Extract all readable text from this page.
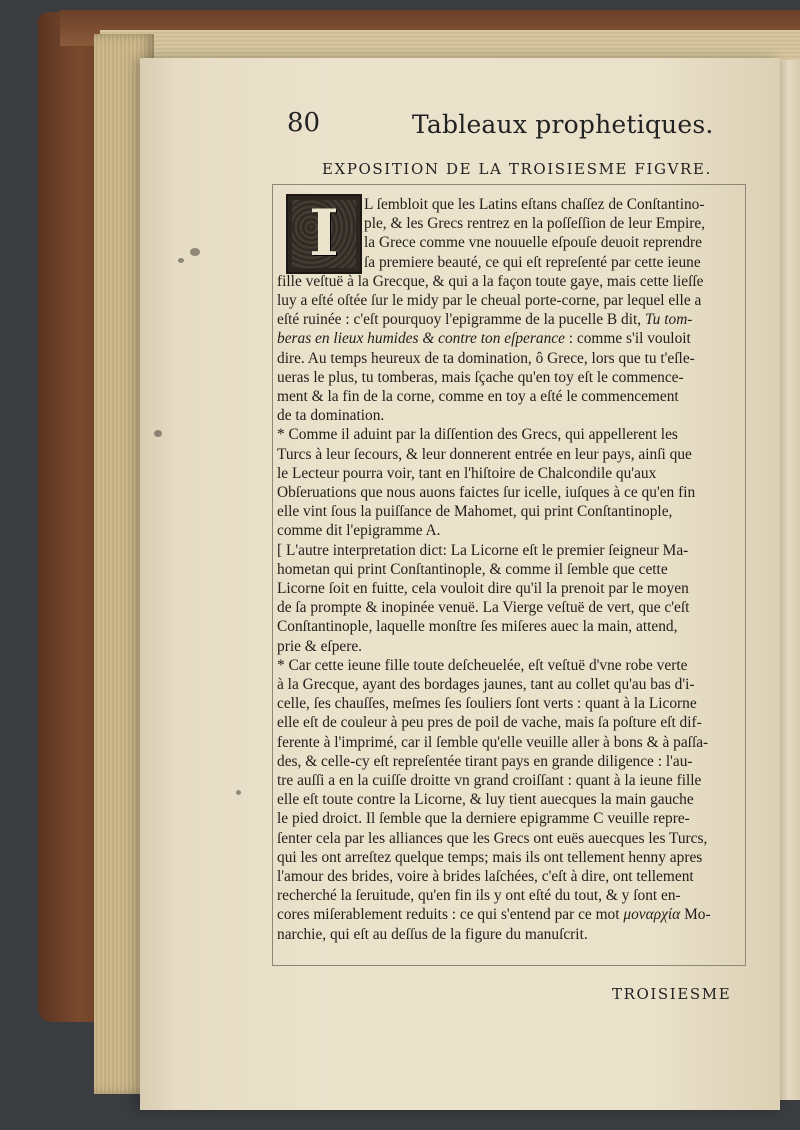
80	Tableaux prophetiques.
EXPOSITION DE LA TROISIESME FIGVRE.
I L ſembloit que les Latins eſtans chaſſez de Conſtantino-
ple, & les Grecs rentrez en la poſſeſſion de leur Empire,
la Grece comme vne nouuelle eſpouſe deuoit reprendre
ſa premiere beauté, ce qui eſt repreſenté par cette ieune
fille veſtuë à la Grecque, & qui a la façon toute gaye, mais cette lieſſe
luy a eſté oſtée ſur le midy par le cheual porte-corne, par lequel elle a
eſté ruinée : c'eſt pourquoy l'epigramme de la pucelle B dit, Tu tom-
beras en lieux humides & contre ton eſperance : comme s'il vouloit
dire. Au temps heureux de ta domination, ô Grece, lors que tu t'eſle-
ueras le plus, tu tomberas, mais ſçache qu'en toy eſt le commence-
ment & la fin de la corne, comme en toy a eſté le commencement
de ta domination.
* Comme il aduint par la diſſention des Grecs, qui appellerent les
Turcs à leur ſecours, & leur donnerent entrée en leur pays, ainſi que
le Lecteur pourra voir, tant en l'hiſtoire de Chalcondile qu'aux
Obſeruations que nous auons faictes ſur icelle, iuſques à ce qu'en fin
elle vint ſous la puiſſance de Mahomet, qui print Conſtantinople,
comme dit l'epigramme A.
[ L'autre interpretation dict: La Licorne eſt le premier ſeigneur Ma-
hometan qui print Conſtantinople, & comme il ſemble que cette
Licorne ſoit en fuitte, cela vouloit dire qu'il la prenoit par le moyen
de ſa prompte & inopinée venuë. La Vierge veſtuë de vert, que c'eſt
Conſtantinople, laquelle monſtre ſes miſeres auec la main, attend,
prie & eſpere.
* Car cette ieune fille toute deſcheuelée, eſt veſtuë d'vne robe verte
à la Grecque, ayant des bordages jaunes, tant au collet qu'au bas d'i-
celle, ſes chauſſes, meſmes ſes ſouliers ſont verts : quant à la Licorne
elle eſt de couleur à peu pres de poil de vache, mais ſa poſture eſt dif-
ferente à l'imprimé, car il ſemble qu'elle veuille aller à bons & à paſſa-
des, & celle-cy eſt repreſentée tirant pays en grande diligence : l'au-
tre auſſi a en la cuiſſe droitte vn grand croiſſant : quant à la ieune fille
elle eſt toute contre la Licorne, & luy tient auecques la main gauche
le pied droict. Il ſemble que la derniere epigramme C veuille repre-
ſenter cela par les alliances que les Grecs ont euës auecques les Turcs,
qui les ont arreſtez quelque temps; mais ils ont tellement henny apres
l'amour des brides, voire à brides laſchées, c'eſt à dire, ont tellement
recherché la ſeruitude, qu'en fin ils y ont eſté du tout, & y ſont en-
cores miſerablement reduits : ce qui s'entend par ce mot μοναρχία Mo-
narchie, qui eſt au deſſus de la figure du manuſcrit.
TROISIESME
